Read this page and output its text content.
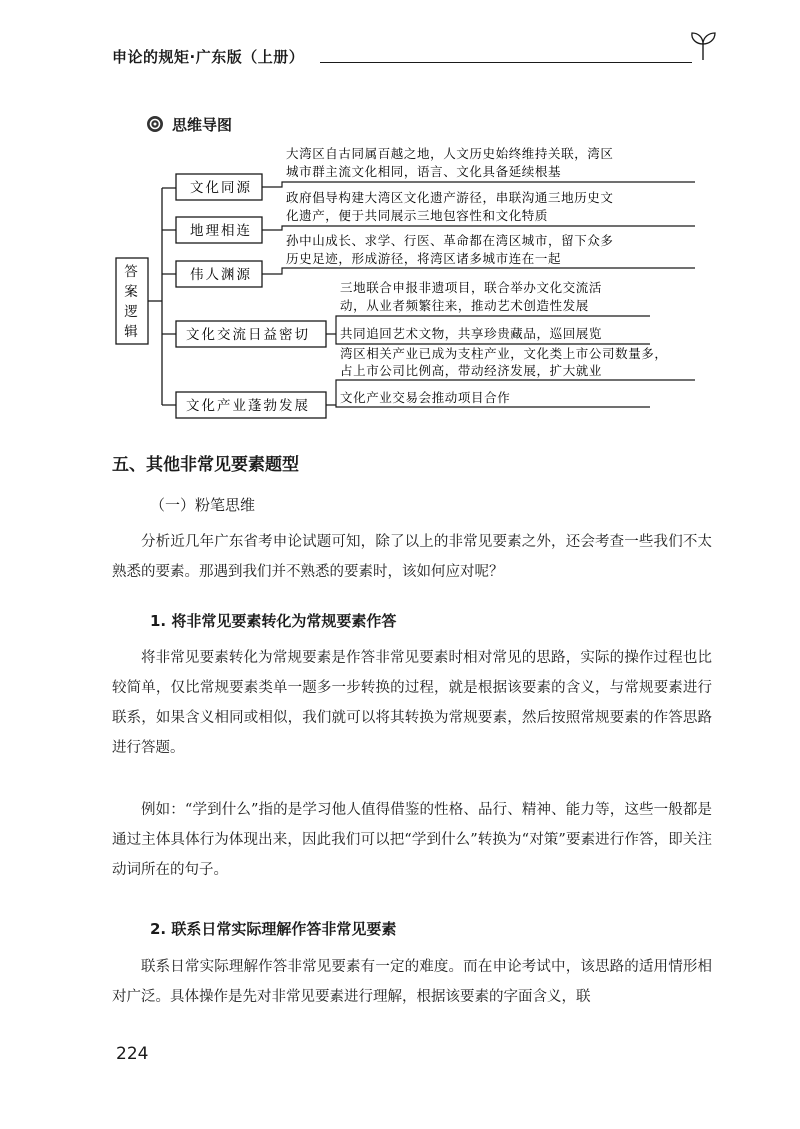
申论的规矩·广东版（上册）
思维导图
答
案
逻
辑
文化同源
地理相连
伟人渊源
文化交流日益密切
文化产业蓬勃发展
大湾区自古同属百越之地，人文历史始终维持关联，湾区
城市群主流文化相同，语言、文化具备延续根基
政府倡导构建大湾区文化遗产游径，串联沟通三地历史文
化遗产，便于共同展示三地包容性和文化特质
孙中山成长、求学、行医、革命都在湾区城市，留下众多
历史足迹，形成游径，将湾区诸多城市连在一起
三地联合申报非遗项目，联合举办文化交流活
动，从业者频繁往来，推动艺术创造性发展
共同追回艺术文物，共享珍贵藏品，巡回展览
湾区相关产业已成为支柱产业，文化类上市公司数量多，
占上市公司比例高，带动经济发展，扩大就业
文化产业交易会推动项目合作
五、其他非常见要素题型
（一）粉笔思维
分析近几年广东省考申论试题可知，除了以上的非常见要素之外，还会考查一些我们不太熟悉的要素。那遇到我们并不熟悉的要素时，该如何应对呢？
1. 将非常见要素转化为常规要素作答
将非常见要素转化为常规要素是作答非常见要素时相对常见的思路，实际的操作过程也比较简单，仅比常规要素类单一题多一步转换的过程，就是根据该要素的含义，与常规要素进行联系，如果含义相同或相似，我们就可以将其转换为常规要素，然后按照常规要素的作答思路进行答题。
例如：“学到什么”指的是学习他人值得借鉴的性格、品行、精神、能力等，这些一般都是通过主体具体行为体现出来，因此我们可以把“学到什么”转换为“对策”要素进行作答，即关注动词所在的句子。
2. 联系日常实际理解作答非常见要素
联系日常实际理解作答非常见要素有一定的难度。而在申论考试中，该思路的适用情形相对广泛。具体操作是先对非常见要素进行理解，根据该要素的字面含义，联
224
